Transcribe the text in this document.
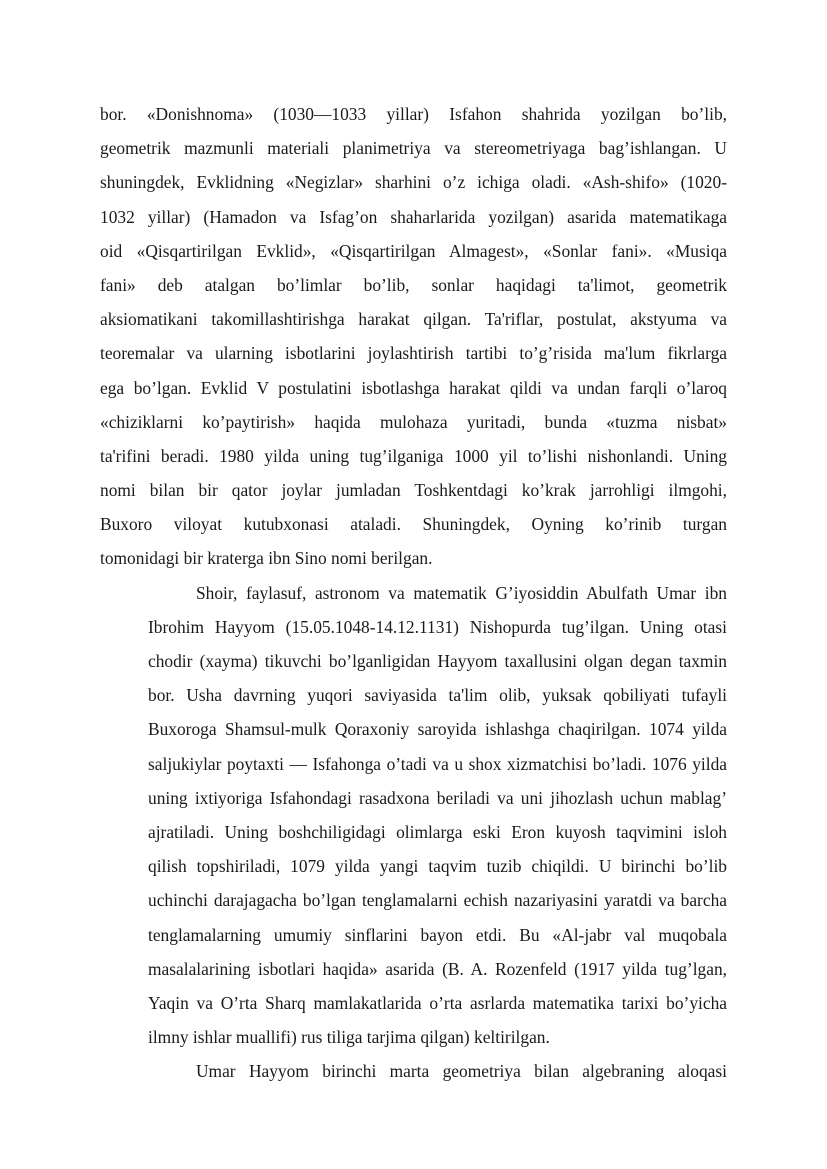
bor. «Donishnoma» (1030—1033 yillar) Isfahon shahrida yozilgan bo’lib,
geometrik mazmunli materiali planimetriya va stereometriyaga bag’ishlangan. U
shuningdek, Evklidning «Negizlar» sharhini o’z ichiga oladi. «Ash-shifo» (1020-
1032 yillar) (Hamadon va Isfag’on shaharlarida yozilgan) asarida matematikaga
oid «Qisqartirilgan Evklid», «Qisqartirilgan Almagest», «Sonlar fani». «Musiqa
fani» deb atalgan bo’limlar bo’lib, sonlar haqidagi ta'limot, geometrik
aksiomatikani takomillashtirishga harakat qilgan. Ta'riflar, postulat, akstyuma va
teoremalar va ularning isbotlarini joylashtirish tartibi to’g’risida ma'lum fikrlarga
ega bo’lgan. Evklid V postulatini isbotlashga harakat qildi va undan farqli o’laroq
«chiziklarni ko’paytirish» haqida mulohaza yuritadi, bunda «tuzma nisbat»
ta'rifini beradi. 1980 yilda uning tug’ilganiga 1000 yil to’lishi nishonlandi. Uning
nomi bilan bir qator joylar jumladan Toshkentdagi ko’krak jarrohligi ilmgohi,
Buxoro viloyat kutubxonasi ataladi. Shuningdek, Oyning ko’rinib turgan
tomonidagi bir kraterga ibn Sino nomi berilgan.
Shoir, faylasuf, astronom va matematik G’iyosiddin Abulfath Umar ibn
Ibrohim Hayyom (15.05.1048-14.12.1131) Nishopurda tug’ilgan. Uning otasi
chodir (xayma) tikuvchi bo’lganligidan Hayyom taxallusini olgan degan taxmin
bor. Usha davrning yuqori saviyasida ta'lim olib, yuksak qobiliyati tufayli
Buxoroga Shamsul-mulk Qoraxoniy saroyida ishlashga chaqirilgan. 1074 yilda
saljukiylar poytaxti — Isfahonga o’tadi va u shox xizmatchisi bo’ladi. 1076 yilda
uning ixtiyoriga Isfahondagi rasadxona beriladi va uni jihozlash uchun mablag’
ajratiladi. Uning boshchiligidagi olimlarga eski Eron kuyosh taqvimini isloh
qilish topshiriladi, 1079 yilda yangi taqvim tuzib chiqildi. U birinchi bo’lib
uchinchi darajagacha bo’lgan tenglamalarni echish nazariyasini yaratdi va barcha
tenglamalarning umumiy sinflarini bayon etdi. Bu «Al-jabr val muqobala
masalalarining isbotlari haqida» asarida (B. A. Rozenfeld (1917 yilda tug’lgan,
Yaqin va O’rta Sharq mamlakatlarida o’rta asrlarda matematika tarixi bo’yicha
ilmny ishlar muallifi) rus tiliga tarjima qilgan) keltirilgan.
Umar Hayyom birinchi marta geometriya bilan algebraning aloqasi
